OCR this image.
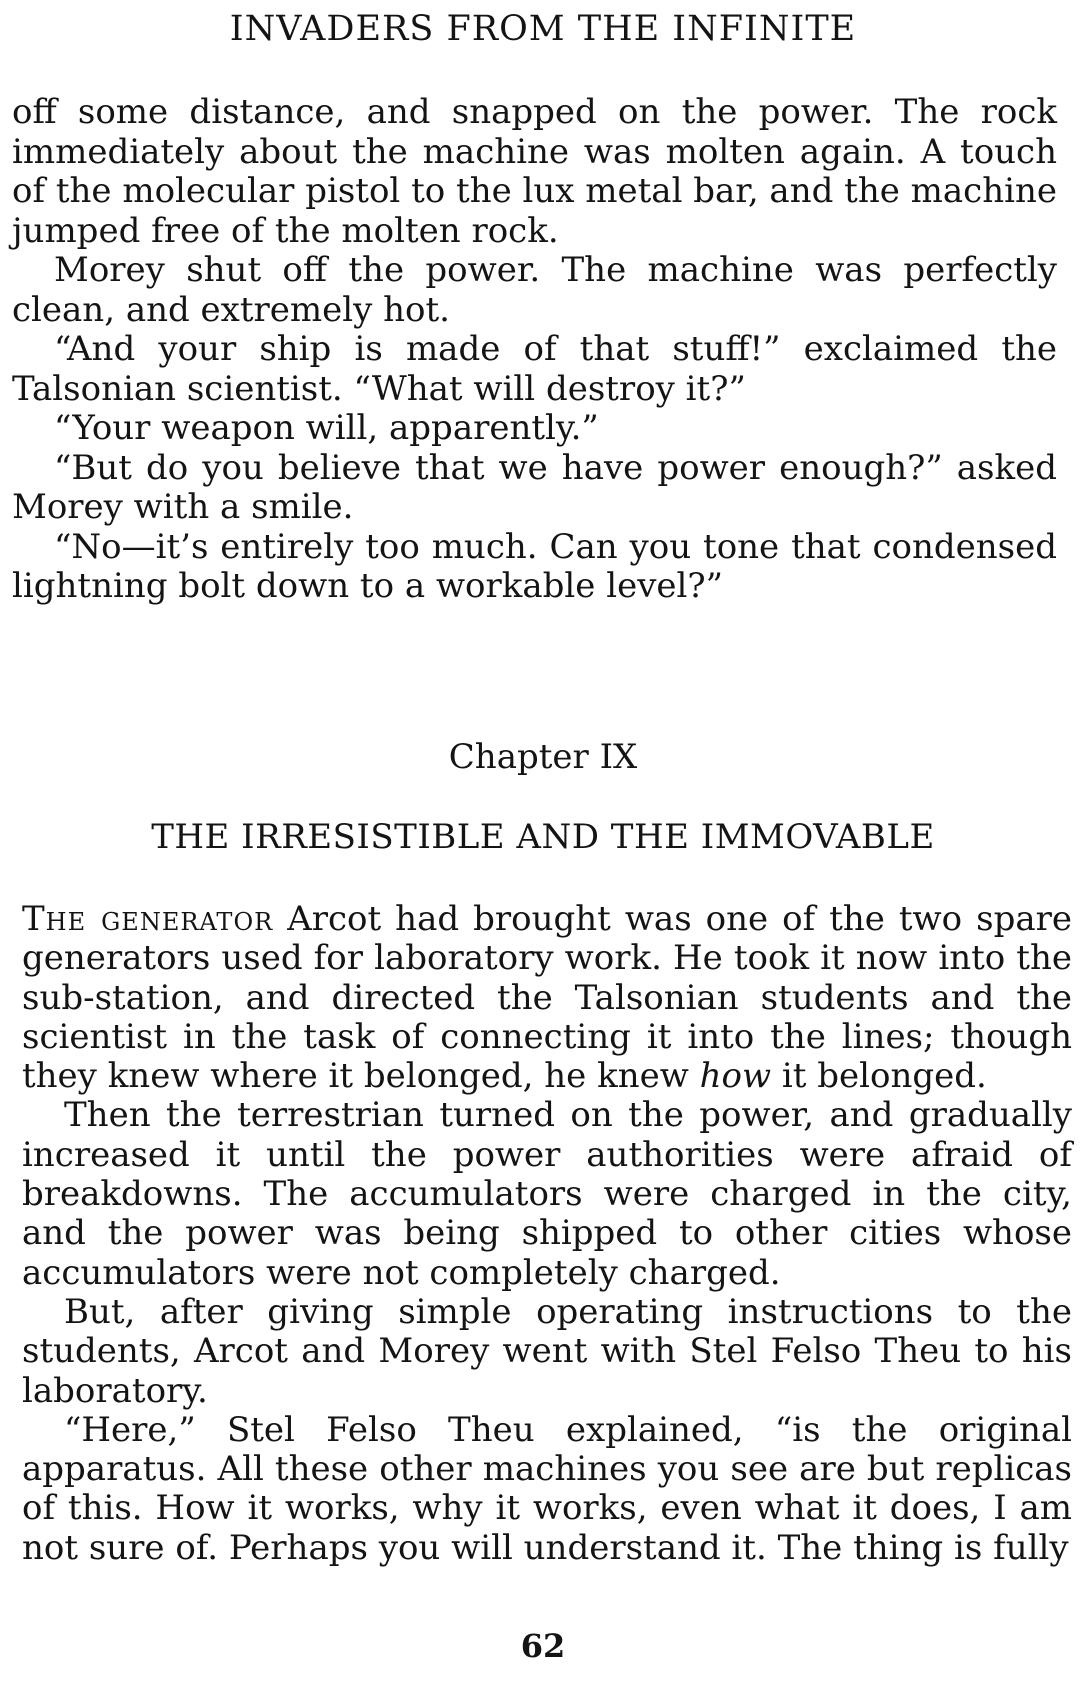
INVADERS FROM THE INFINITE

off some distance, and snapped on the power. The rock immediately about the machine was molten again. A touch of the molecular pistol to the lux metal bar, and the machine jumped free of the molten rock.

Morey shut off the power. The machine was perfectly clean, and extremely hot.

“And your ship is made of that stuff!” exclaimed the Talsonian scientist. “What will destroy it?”

“Your weapon will, apparently.”

“But do you believe that we have power enough?” asked Morey with a smile.

“No—it’s entirely too much. Can you tone that condensed lightning bolt down to a workable level?”

Chapter IX
THE IRRESISTIBLE AND THE IMMOVABLE

The generator Arcot had brought was one of the two spare generators used for laboratory work. He took it now into the sub-station, and directed the Talsonian students and the scientist in the task of connecting it into the lines; though they knew where it belonged, he knew how it belonged.

Then the terrestrian turned on the power, and gradually increased it until the power authorities were afraid of breakdowns. The accumulators were charged in the city, and the power was being shipped to other cities whose accumulators were not completely charged.

But, after giving simple operating instructions to the students, Arcot and Morey went with Stel Felso Theu to his laboratory.

“Here,” Stel Felso Theu explained, “is the original apparatus. All these other machines you see are but replicas of this. How it works, why it works, even what it does, I am not sure of. Perhaps you will understand it. The thing is fully

62
